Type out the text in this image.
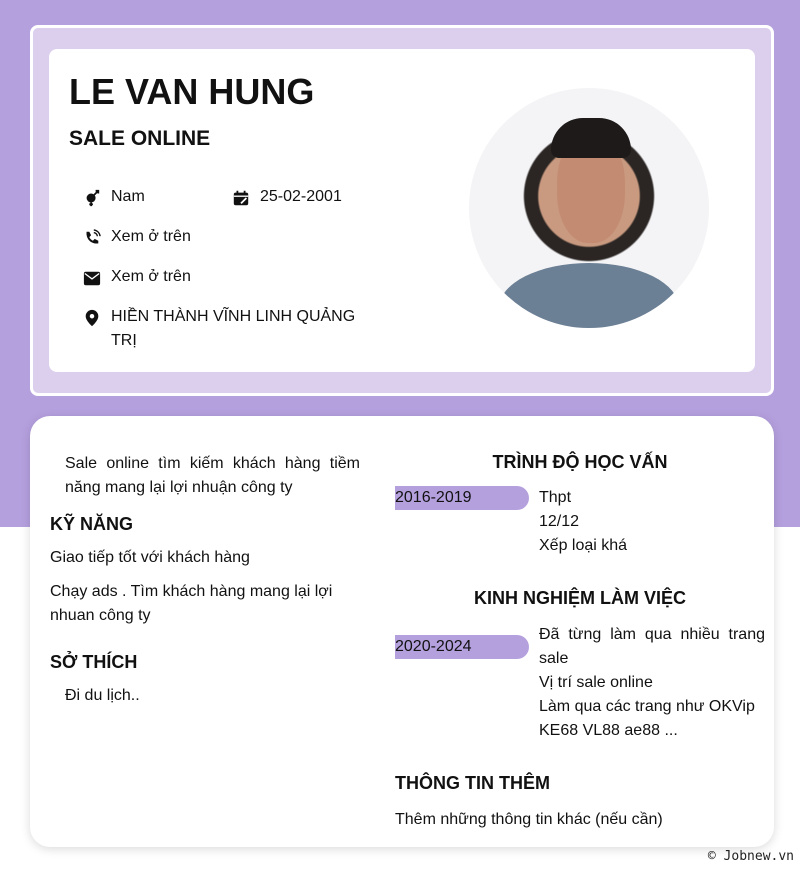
LE VAN HUNG
SALE ONLINE
Nam	25-02-2001
Xem ở trên
Xem ở trên
HIỀN THÀNH VĨNH LINH QUẢNG TRỊ
Sale online tìm kiếm khách hàng tiềm năng mang lại lợi nhuận công ty
KỸ NĂNG
Giao tiếp tốt với khách hàng
Chạy ads . Tìm khách hàng mang lại lợi nhuan công ty
SỞ THÍCH
Đi du lịch..
TRÌNH ĐỘ HỌC VẤN
2016-2019	Thpt
12/12
Xếp loại khá
KINH NGHIỆM LÀM VIỆC
2020-2024
Đã từng làm qua nhiều trang sale
Vị trí sale online
Làm qua các trang như OKVip KE68 VL88 ae88 ...
THÔNG TIN THÊM
Thêm những thông tin khác (nếu cần)
© Jobnew.vn
